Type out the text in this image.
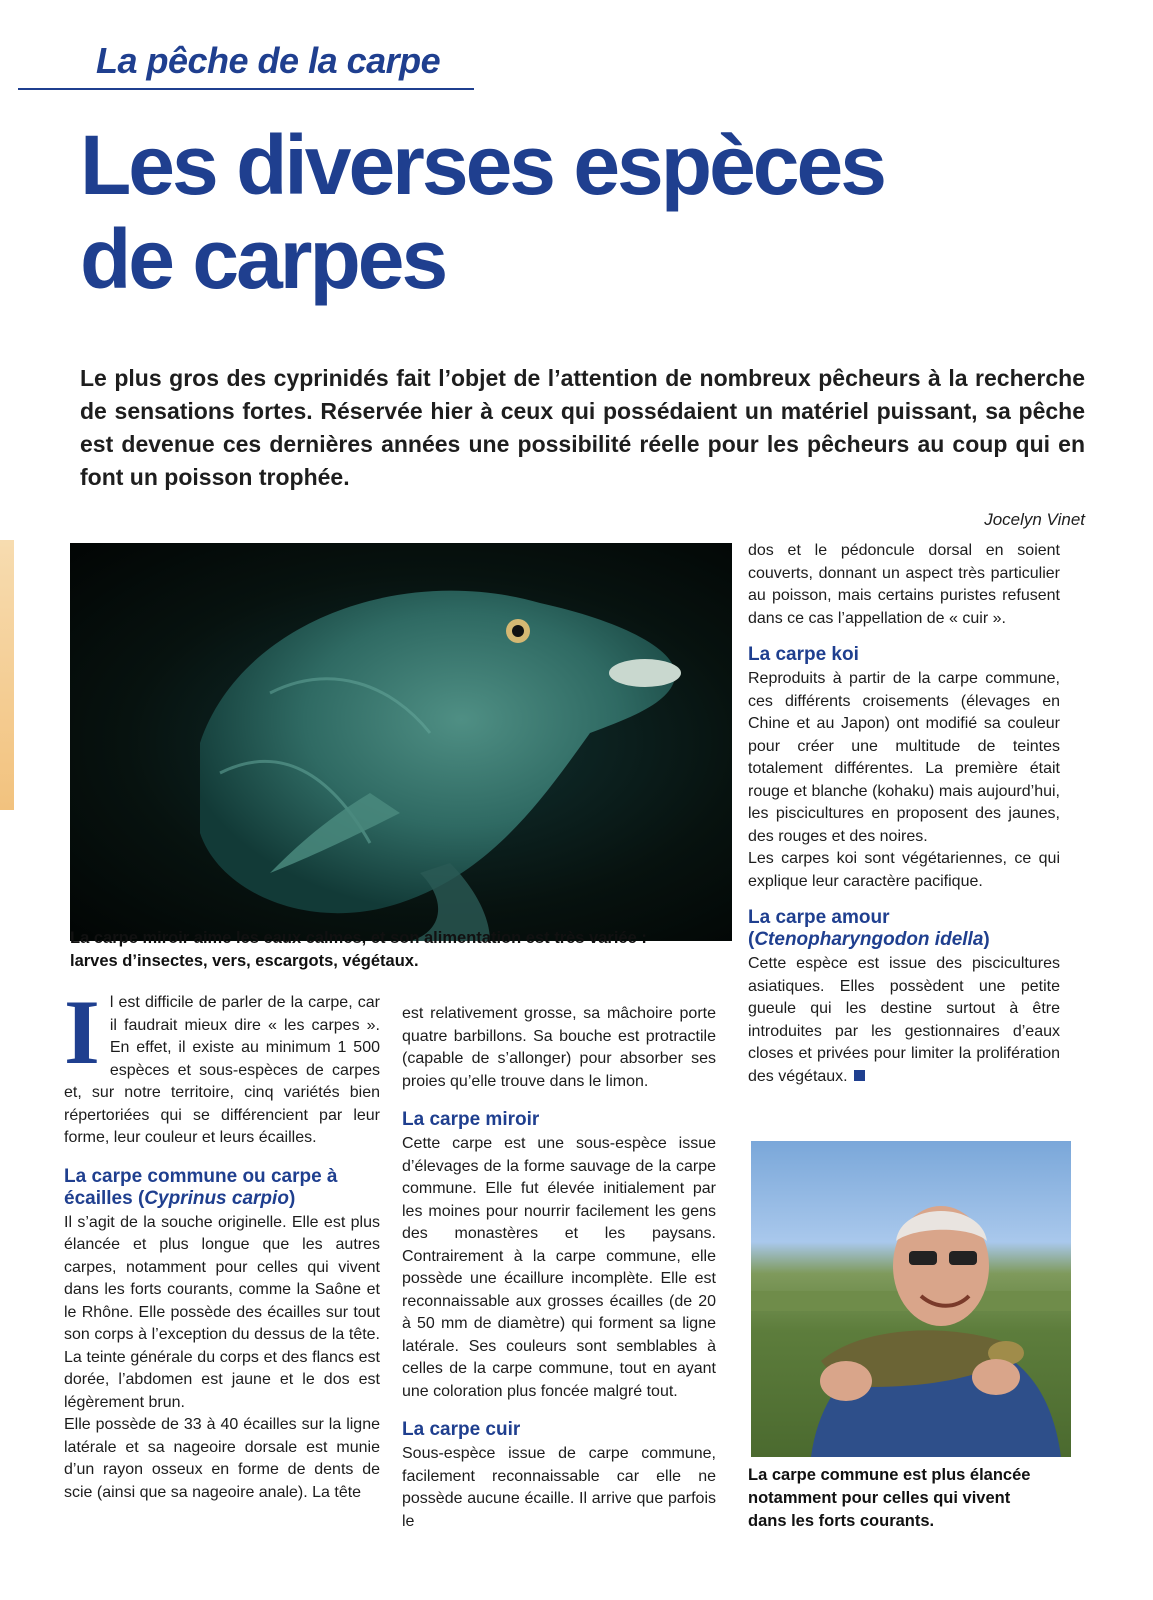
La pêche de la carpe
Les diverses espèces de carpes

Le plus gros des cyprinidés fait l’objet de l’attention de nombreux pêcheurs à la recherche de sensations fortes. Réservée hier à ceux qui possédaient un matériel puissant, sa pêche est devenue ces dernières années une possibilité réelle pour les pêcheurs au coup qui en font un poisson trophée.

Jocelyn Vinet

La carpe miroir aime les eaux calmes, et son alimentation est très variée : larves d’insectes, vers, escargots, végétaux.

Il est difficile de parler de la carpe, car il faudrait mieux dire « les carpes ». En effet, il existe au minimum 1 500 espèces et sous-espèces de carpes et, sur notre territoire, cinq variétés bien répertoriées qui se différencient par leur forme, leur couleur et leurs écailles.

La carpe commune ou carpe à écailles (Cyprinus carpio)

Il s’agit de la souche originelle. Elle est plus élancée et plus longue que les autres carpes, notamment pour celles qui vivent dans les forts courants, comme la Saône et le Rhône. Elle possède des écailles sur tout son corps à l’exception du dessus de la tête. La teinte générale du corps et des flancs est dorée, l’abdomen est jaune et le dos est légèrement brun.

Elle possède de 33 à 40 écailles sur la ligne latérale et sa nageoire dorsale est munie d’un rayon osseux en forme de dents de scie (ainsi que sa nageoire anale). La tête

est relativement grosse, sa mâchoire porte quatre barbillons. Sa bouche est protractile (capable de s’allonger) pour absorber ses proies qu’elle trouve dans le limon.

La carpe miroir

Cette carpe est une sous-espèce issue d’élevages de la forme sauvage de la carpe commune. Elle fut élevée initialement par les moines pour nourrir facilement les gens des monastères et les paysans. Contrairement à la carpe commune, elle possède une écaillure incomplète. Elle est reconnaissable aux grosses écailles (de 20 à 50 mm de diamètre) qui forment sa ligne latérale. Ses couleurs sont semblables à celles de la carpe commune, tout en ayant une coloration plus foncée malgré tout.

La carpe cuir

Sous-espèce issue de carpe commune, facilement reconnaissable car elle ne possède aucune écaille. Il arrive que parfois le

dos et le pédoncule dorsal en soient couverts, donnant un aspect très particulier au poisson, mais certains puristes refusent dans ce cas l’appellation de « cuir ».

La carpe koi

Reproduits à partir de la carpe commune, ces différents croisements (élevages en Chine et au Japon) ont modifié sa couleur pour créer une multitude de teintes totalement différentes. La première était rouge et blanche (kohaku) mais aujourd’hui, les piscicultures en proposent des jaunes, des rouges et des noires.

Les carpes koi sont végétariennes, ce qui explique leur caractère pacifique.

La carpe amour
(Ctenopharyngodon idella)

Cette espèce est issue des piscicultures asiatiques. Elles possèdent une petite gueule qui les destine surtout à être introduites par les gestionnaires d’eaux closes et privées pour limiter la prolifération des végétaux.

La carpe commune est plus élancée notamment pour celles qui vivent dans les forts courants.
